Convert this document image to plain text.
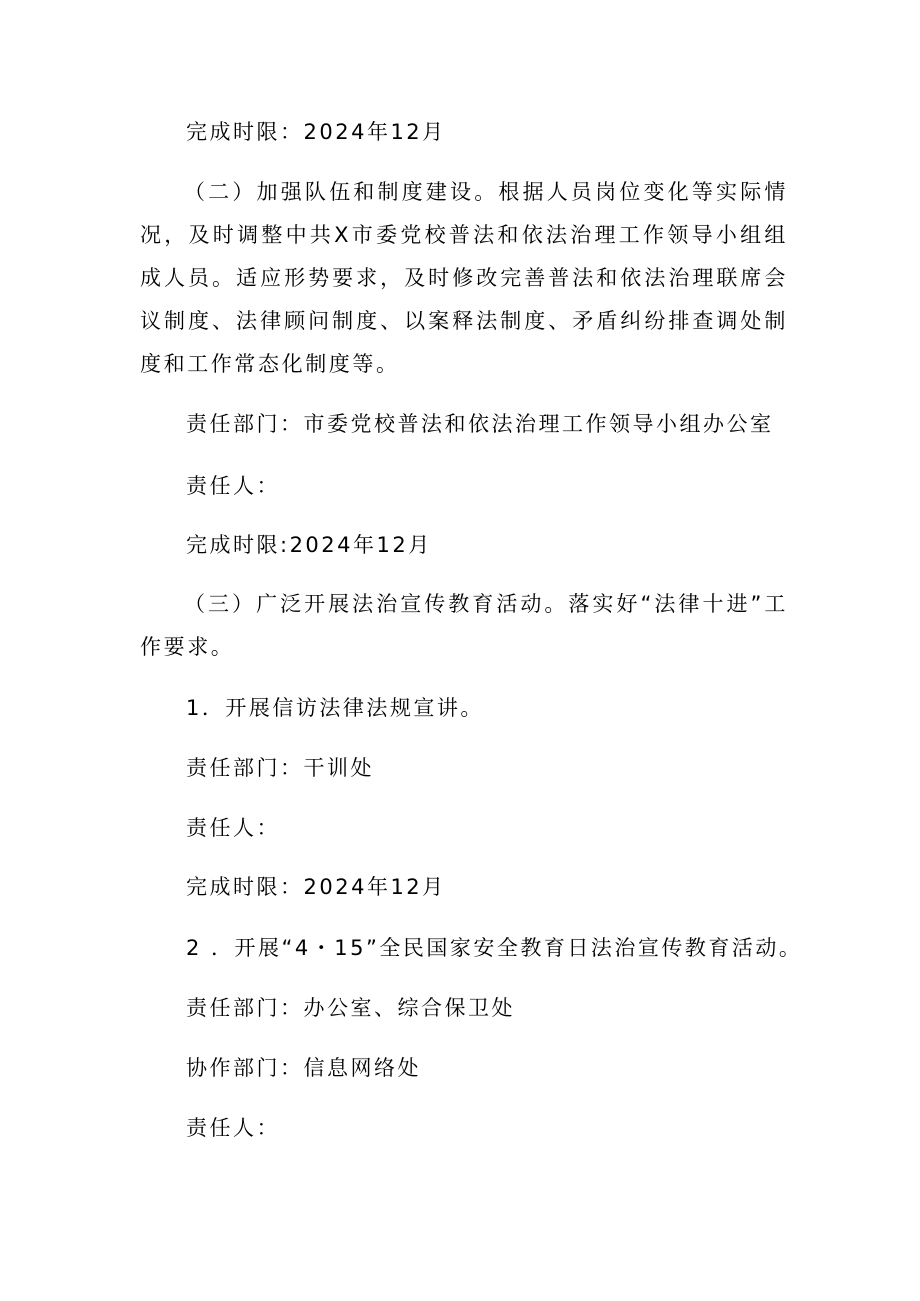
完成时限：2024年12月
（二）加强队伍和制度建设。根据人员岗位变化等实际情况，及时调整中共X市委党校普法和依法治理工作领导小组组成人员。适应形势要求，及时修改完善普法和依法治理联席会议制度、法律顾问制度、以案释法制度、矛盾纠纷排查调处制度和工作常态化制度等。
责任部门：市委党校普法和依法治理工作领导小组办公室
责任人：
完成时限:2024年12月
（三）广泛开展法治宣传教育活动。落实好“法律十进”工作要求。
1．开展信访法律法规宣讲。
责任部门：干训处
责任人：
完成时限：2024年12月
2 ．开展“4・15”全民国家安全教育日法治宣传教育活动。
责任部门：办公室、综合保卫处
协作部门：信息网络处
责任人：
